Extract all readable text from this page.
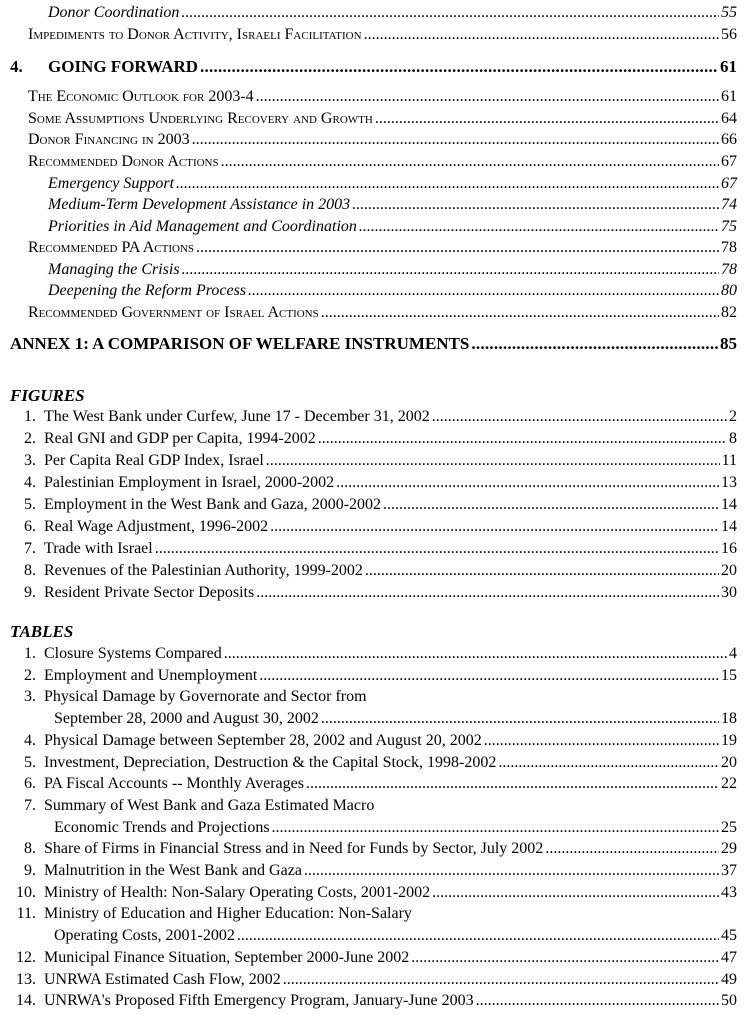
Donor Coordination . . .	55
Impediments to Donor Activity, Israeli Facilitation . . .	56
4.	GOING FORWARD . . .	61
The Economic Outlook for 2003-4 . . .	61
Some Assumptions Underlying Recovery and Growth . . .	64
Donor Financing in 2003 . . .	66
Recommended Donor Actions . . .	67
Emergency Support . . .	67
Medium-Term Development Assistance in 2003 . . .	74
Priorities in Aid Management and Coordination . . .	75
Recommended PA Actions . . .	78
Managing the Crisis . . .	78
Deepening the Reform Process . . .	80
Recommended Government of Israel Actions . . .	82
ANNEX 1: A COMPARISON OF WELFARE INSTRUMENTS . . .	85
FIGURES
1. The West Bank under Curfew, June 17 - December 31, 2002 . . .	2
2. Real GNI and GDP per Capita, 1994-2002 . . .	8
3. Per Capita Real GDP Index, Israel . . .	11
4. Palestinian Employment in Israel, 2000-2002 . . .	13
5. Employment in the West Bank and Gaza, 2000-2002 . . .	14
6. Real Wage Adjustment, 1996-2002 . . .	14
7. Trade with Israel . . .	16
8. Revenues of the Palestinian Authority, 1999-2002 . . .	20
9. Resident Private Sector Deposits . . .	30
TABLES
1. Closure Systems Compared . . .	4
2. Employment and Unemployment . . .	15
3. Physical Damage by Governorate and Sector from
September 28, 2000 and August 30, 2002 . . .	18
4. Physical Damage between September 28, 2002 and August 20, 2002 . . .	19
5. Investment, Depreciation, Destruction & the Capital Stock, 1998-2002 . . .	20
6. PA Fiscal Accounts -- Monthly Averages . . .	22
7. Summary of West Bank and Gaza Estimated Macro
Economic Trends and Projections . . .	25
8. Share of Firms in Financial Stress and in Need for Funds by Sector, July 2002 . . .	29
9. Malnutrition in the West Bank and Gaza . . .	37
10. Ministry of Health: Non-Salary Operating Costs, 2001-2002 . . .	43
11. Ministry of Education and Higher Education: Non-Salary
Operating Costs, 2001-2002 . . .	45
12. Municipal Finance Situation, September 2000-June 2002 . . .	47
13. UNRWA Estimated Cash Flow, 2002 . . .	49
14. UNRWA's Proposed Fifth Emergency Program, January-June 2003 . . .	50
